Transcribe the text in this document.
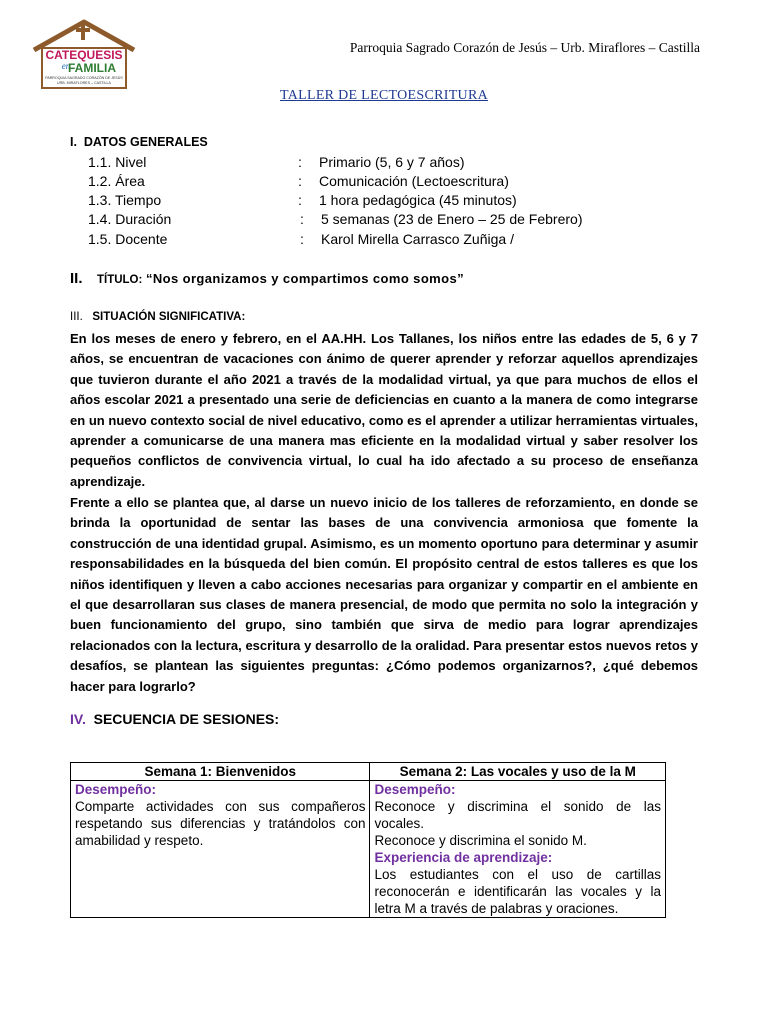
CATEQUESIS
en
FAMILIA
PARROQUIA SAGRADO CORAZÓN DE JESÚS
URB. MIRAFLORES – CASTILLA
Parroquia Sagrado Corazón de Jesús – Urb. Miraflores – Castilla
TALLER DE LECTOESCRITURA
I. DATOS GENERALES
1.1. Nivel	: Primario (5, 6 y 7 años)
1.2. Área	: Comunicación (Lectoescritura)
1.3. Tiempo	: 1 hora pedagógica (45 minutos)
1.4. Duración	: 5 semanas (23 de Enero – 25 de Febrero)
1.5. Docente	: Karol Mirella Carrasco Zuñiga /
II. TÍTULO: “Nos organizamos y compartimos como somos”
III. SITUACIÓN SIGNIFICATIVA:
En los meses de enero y febrero, en el AA.HH. Los Tallanes, los niños entre las edades de 5, 6 y 7 años, se encuentran de vacaciones con ánimo de querer aprender y reforzar aquellos aprendizajes que tuvieron durante el año 2021 a través de la modalidad virtual, ya que para muchos de ellos el años escolar 2021 a presentado una serie de deficiencias en cuanto a la manera de como integrarse en un nuevo contexto social de nivel educativo, como es el aprender a utilizar herramientas virtuales, aprender a comunicarse de una manera mas eficiente en la modalidad virtual y saber resolver los pequeños conflictos de convivencia virtual, lo cual ha ido afectado a su proceso de enseñanza aprendizaje.
Frente a ello se plantea que, al darse un nuevo inicio de los talleres de reforzamiento, en donde se brinda la oportunidad de sentar las bases de una convivencia armoniosa que fomente la construcción de una identidad grupal. Asimismo, es un momento oportuno para determinar y asumir responsabilidades en la búsqueda del bien común. El propósito central de estos talleres es que los niños identifiquen y lleven a cabo acciones necesarias para organizar y compartir en el ambiente en el que desarrollaran sus clases de manera presencial, de modo que permita no solo la integración y buen funcionamiento del grupo, sino también que sirva de medio para lograr aprendizajes relacionados con la lectura, escritura y desarrollo de la oralidad. Para presentar estos nuevos retos y desafíos, se plantean las siguientes preguntas: ¿Cómo podemos organizarnos?, ¿qué debemos hacer para lograrlo?
IV. SECUENCIA DE SESIONES:
Semana 1: Bienvenidos	Semana 2: Las vocales y uso de la M

Desempeño:
Comparte actividades con sus compañeros respetando sus diferencias y tratándolos con amabilidad y respeto.	Desempeño:
Reconoce y discrimina el sonido de las vocales.
Reconoce y discrimina el sonido M.
Experiencia de aprendizaje:
Los estudiantes con el uso de cartillas reconocerán e identificarán las vocales y la letra M a través de palabras y oraciones.
